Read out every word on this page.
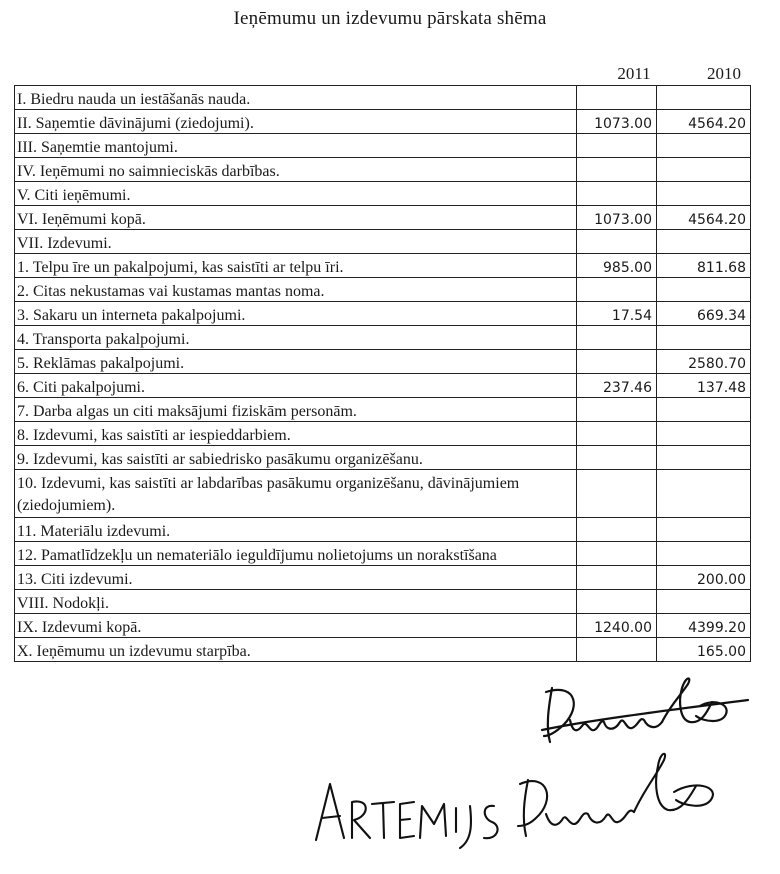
Ieņēmumu un izdevumu pārskata shēma
2011	2010
I. Biedru nauda un iestāšanās nauda.			
II. Saņemtie dāvinājumi (ziedojumi).		1073.00	4564.20
III. Saņemtie mantojumi.			
IV. Ieņēmumi no saimnieciskās darbības.			
V. Citi ieņēmumi.			
VI. Ieņēmumi kopā.		1073.00	4564.20
VII. Izdevumi.			
1. Telpu īre un pakalpojumi, kas saistīti ar telpu īri.		985.00	811.68
2. Citas nekustamas vai kustamas mantas noma.			
3. Sakaru un interneta pakalpojumi.		17.54	669.34
4. Transporta pakalpojumi.			
5. Reklāmas pakalpojumi.			2580.70
6. Citi pakalpojumi.		237.46	137.48
7. Darba algas un citi maksājumi fiziskām personām.			
8. Izdevumi, kas saistīti ar iespieddarbiem.			
9. Izdevumi, kas saistīti ar sabiedrisko pasākumu organizēšanu.			
10. Izdevumi, kas saistīti ar labdarības pasākumu organizēšanu, dāvinājumiem (ziedojumiem).			
11. Materiālu izdevumi.			
12. Pamatlīdzekļu un nemateriālo ieguldījumu nolietojums un norakstīšana			
13. Citi izdevumi.			200.00
VIII. Nodokļi.			
IX. Izdevumi kopā.		1240.00	4399.20
X. Ieņēmumu un izdevumu starpība.			165.00
